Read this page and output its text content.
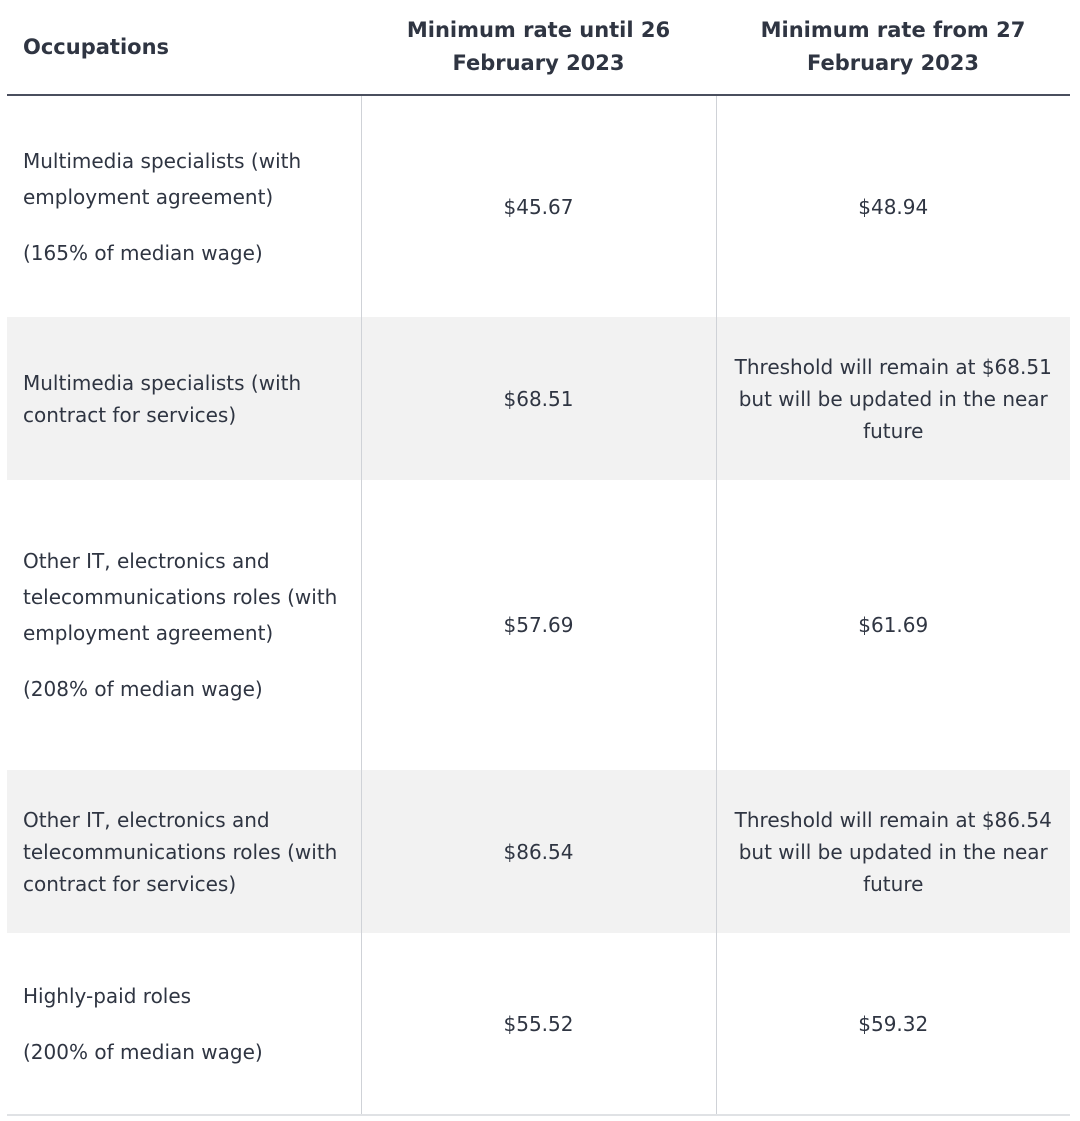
Occupations	Minimum rate until 26 February 2023	Minimum rate from 27 February 2023

Multimedia specialists (with employment agreement)
(165% of median wage)	$45.67	$48.94

Multimedia specialists (with contract for services)	$68.51	Threshold will remain at $68.51 but will be updated in the near future

Other IT, electronics and telecommunications roles (with employment agreement)
(208% of median wage)	$57.69	$61.69

Other IT, electronics and telecommunications roles (with contract for services)	$86.54	Threshold will remain at $86.54 but will be updated in the near future

Highly-paid roles
(200% of median wage)	$55.52	$59.32
